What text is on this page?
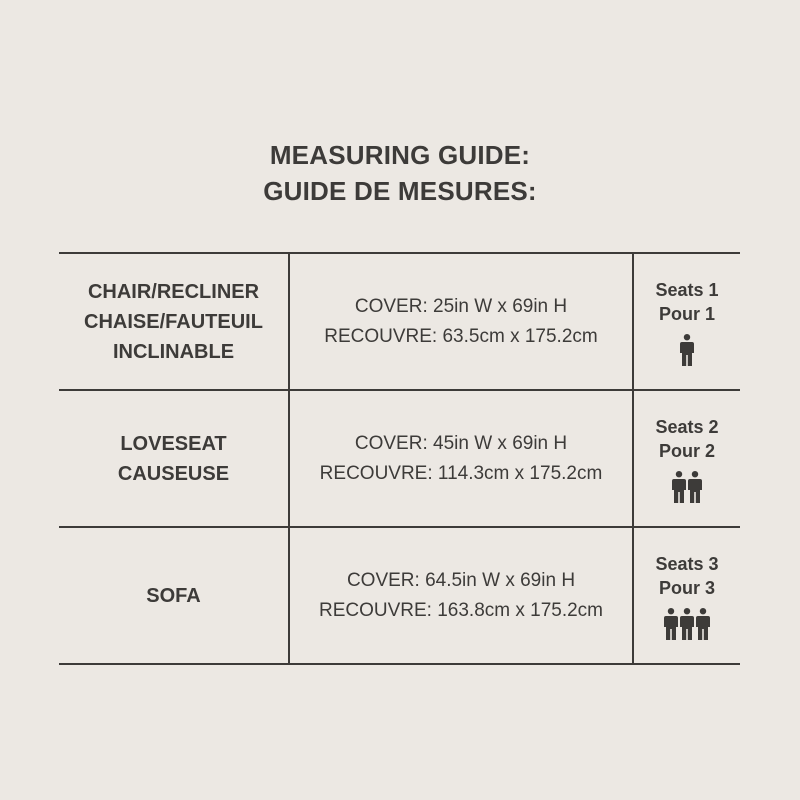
MEASURING GUIDE:
GUIDE DE MESURES:
CHAIR/RECLINER
CHAISE/FAUTEUIL
INCLINABLE
COVER: 25in W x 69in H
RECOUVRE: 63.5cm x 175.2cm
Seats 1
Pour 1
LOVESEAT
CAUSEUSE
COVER: 45in W x 69in H
RECOUVRE: 114.3cm x 175.2cm
Seats 2
Pour 2
SOFA
COVER: 64.5in W x 69in H
RECOUVRE: 163.8cm x 175.2cm
Seats 3
Pour 3
